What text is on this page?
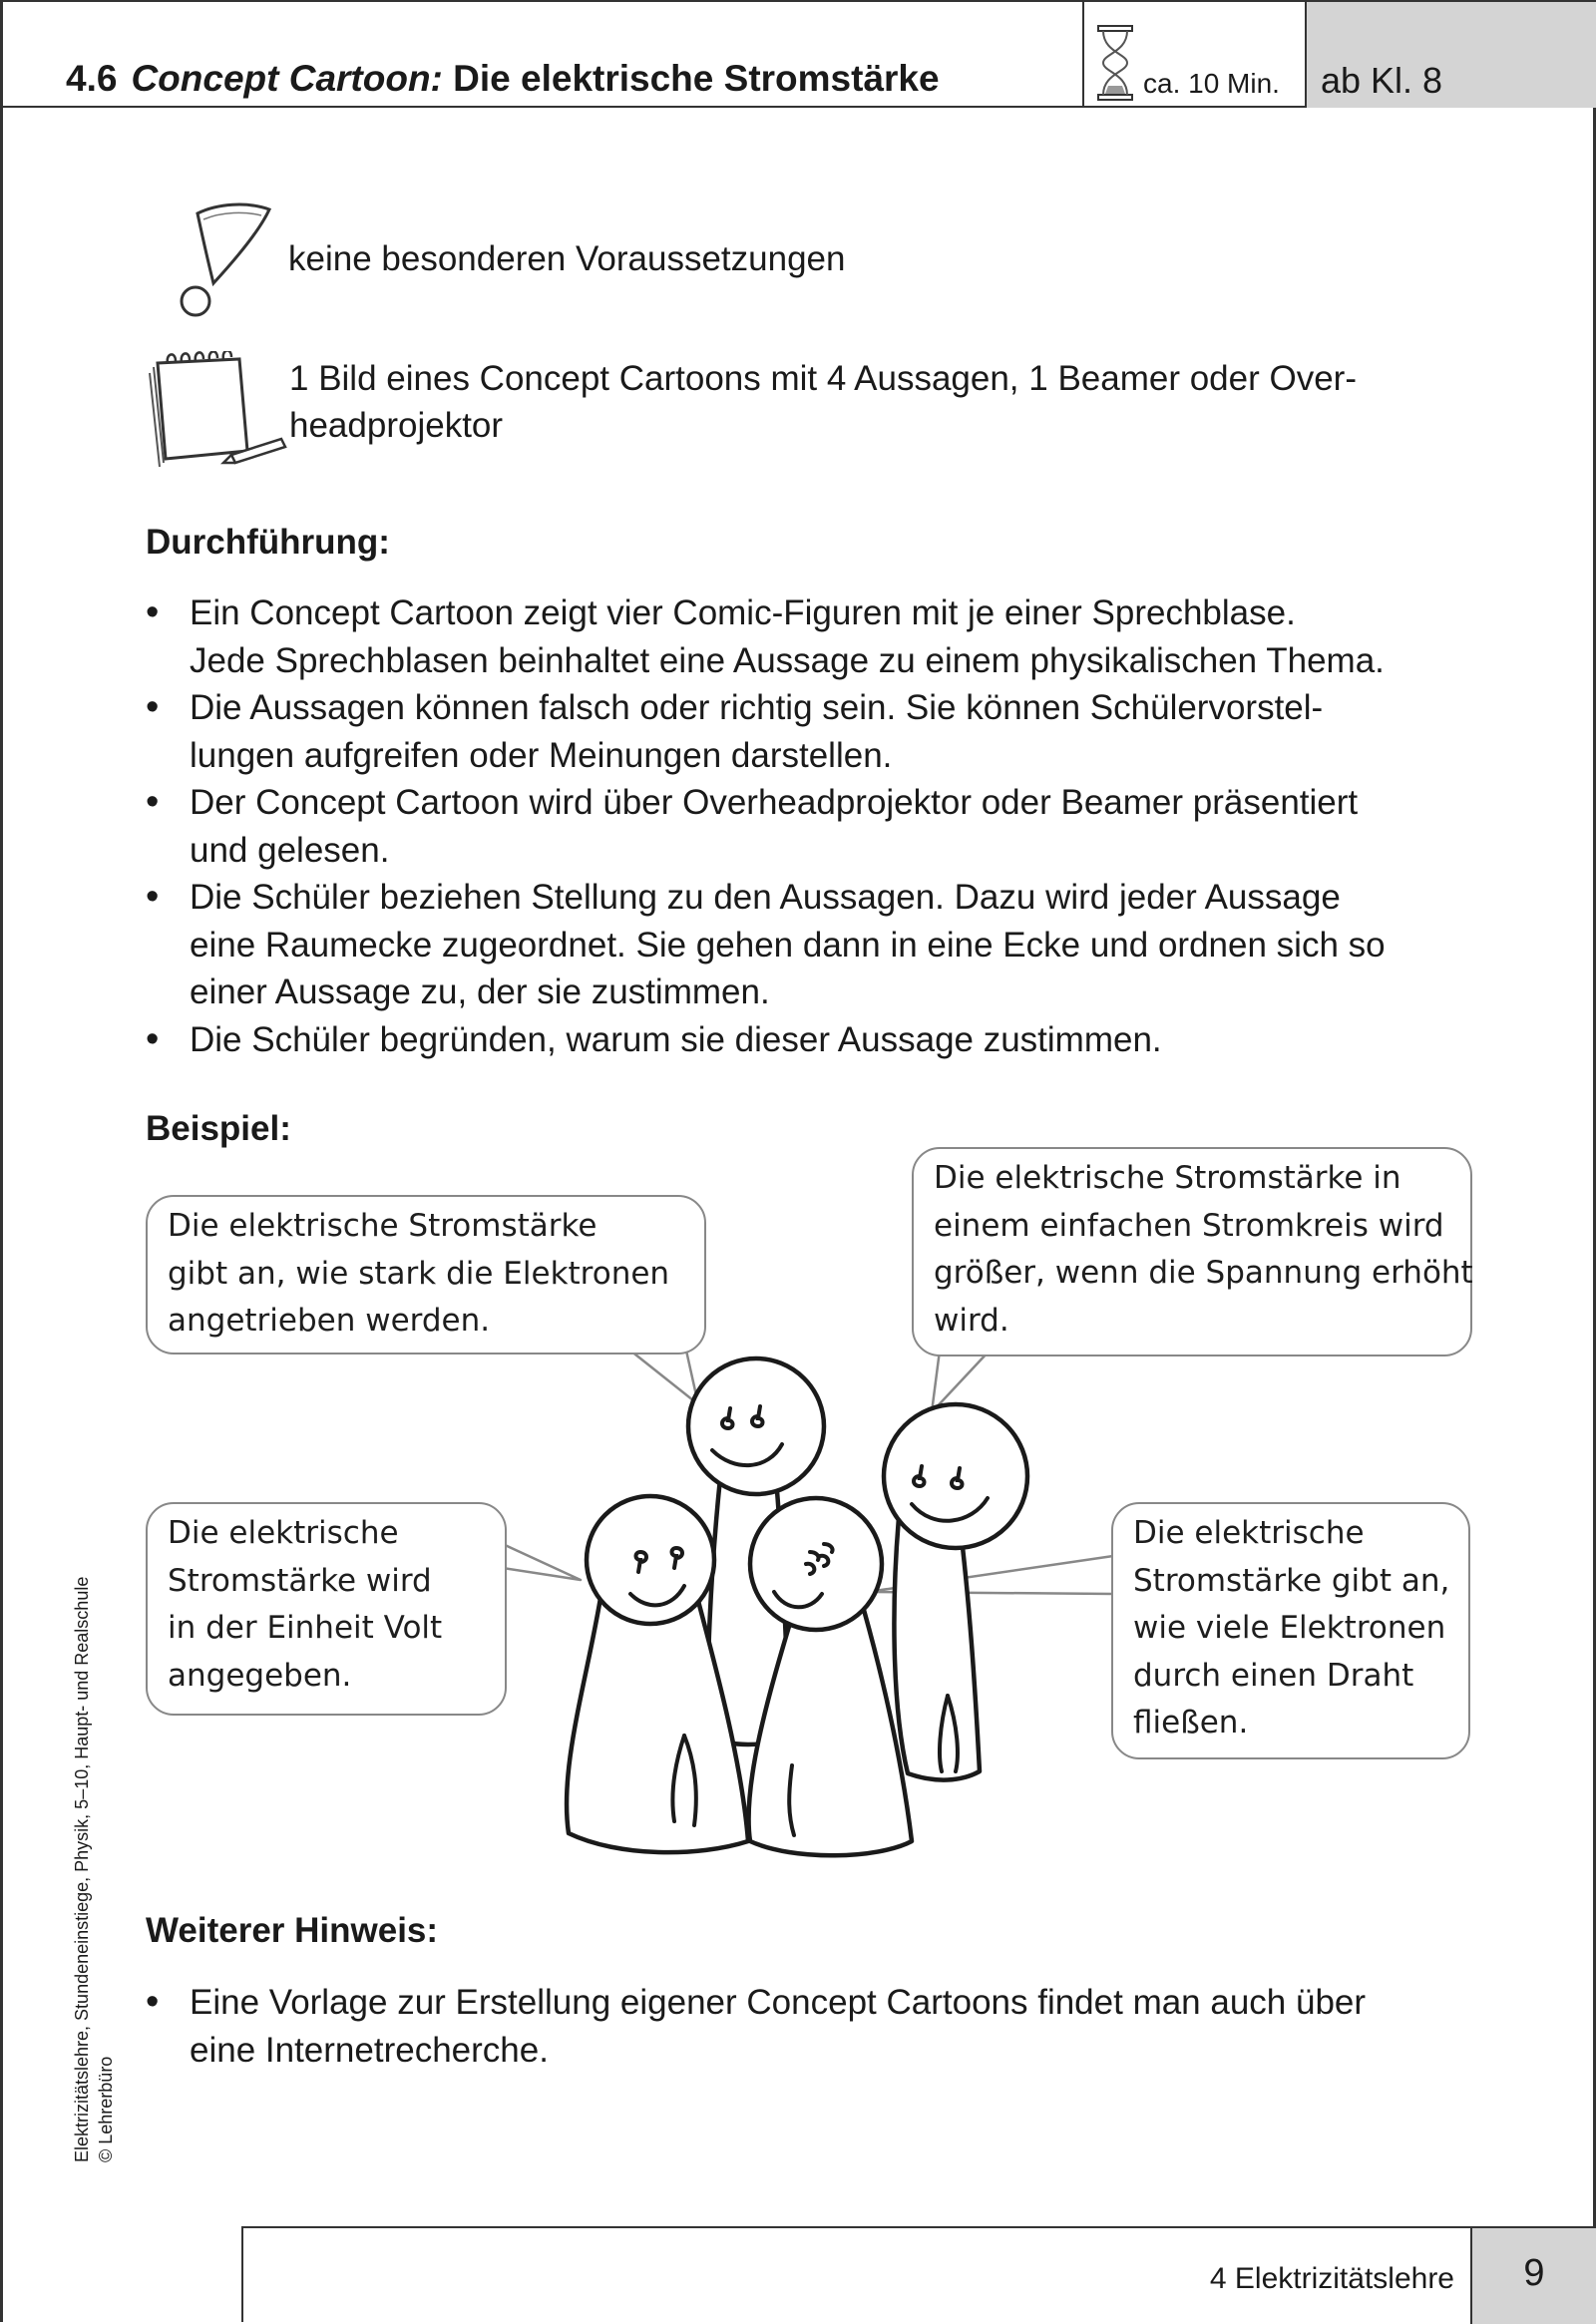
4.6 Concept Cartoon: Die elektrische Stromstärke	ca. 10 Min. ab Kl. 8
keine besonderen Voraussetzungen
1 Bild eines Concept Cartoons mit 4 Aussagen, 1 Beamer oder Over-
headprojektor
Durchführung:
• Ein Concept Cartoon zeigt vier Comic-Figuren mit je einer Sprechblase.
Jede Sprechblasen beinhaltet eine Aussage zu einem physikalischen Thema.
• Die Aussagen können falsch oder richtig sein. Sie können Schülervorstel-
lungen aufgreifen oder Meinungen darstellen.
• Der Concept Cartoon wird über Overheadprojektor oder Beamer präsentiert
und gelesen.
• Die Schüler beziehen Stellung zu den Aussagen. Dazu wird jeder Aussage
eine Raumecke zugeordnet. Sie gehen dann in eine Ecke und ordnen sich so
einer Aussage zu, der sie zustimmen.
• Die Schüler begründen, warum sie dieser Aussage zustimmen.
Beispiel:
Die elektrische Stromstärke
gibt an, wie stark die Elektronen
angetrieben werden.
Die elektrische Stromstärke in
einem einfachen Stromkreis wird
größer, wenn die Spannung erhöht
wird.
Die elektrische
Stromstärke wird
in der Einheit Volt
angegeben.
Die elektrische
Stromstärke gibt an,
wie viele Elektronen
durch einen Draht
fließen.
Weiterer Hinweis:
• Eine Vorlage zur Erstellung eigener Concept Cartoons findet man auch über
eine Internetrecherche.
Elektrizitätslehre, Stundeneinstiege, Physik, 5–10, Haupt- und Realschule © Lehrerbüro
4 Elektrizitätslehre	9
